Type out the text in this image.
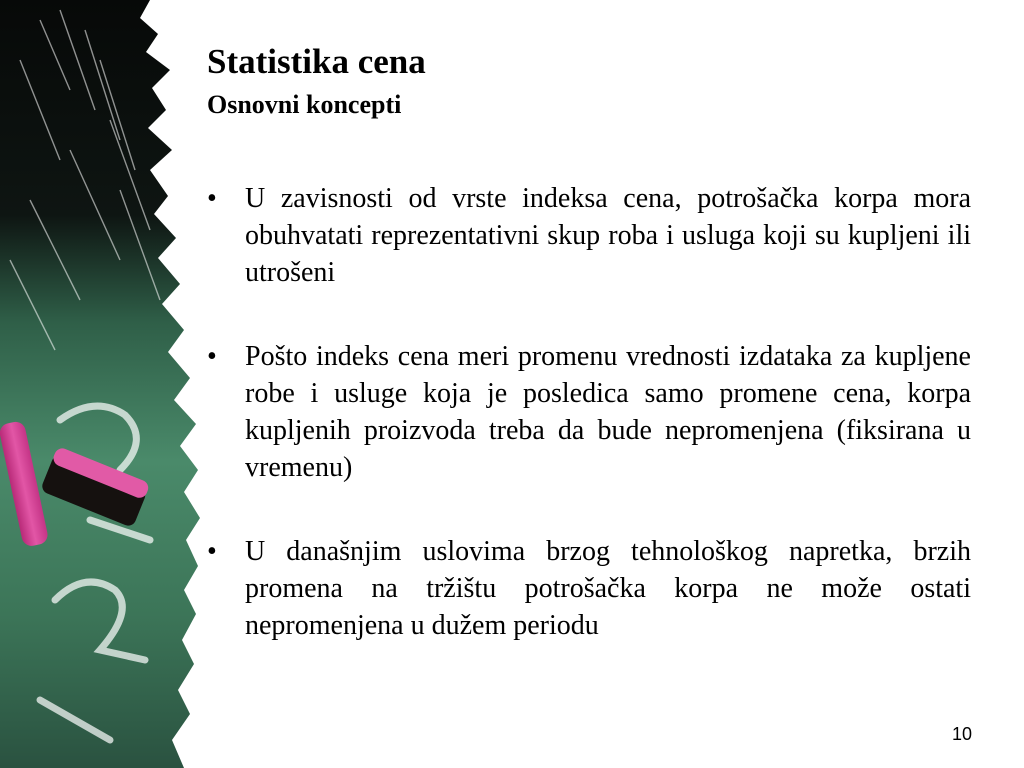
Statistika cena
Osnovni koncepti
• U zavisnosti od vrste indeksa cena, potrošačka korpa mora obuhvatati reprezentativni skup roba i usluga koji su kupljeni ili utrošeni
• Pošto indeks cena meri promenu vrednosti izdataka za kupljene robe i usluge koja je posledica samo promene cena, korpa kupljenih proizvoda treba da bude nepromenjena (fiksirana u vremenu)
• U današnjim uslovima brzog tehnološkog napretka, brzih promena na tržištu potrošačka korpa ne može ostati nepromenjena u dužem periodu
10
